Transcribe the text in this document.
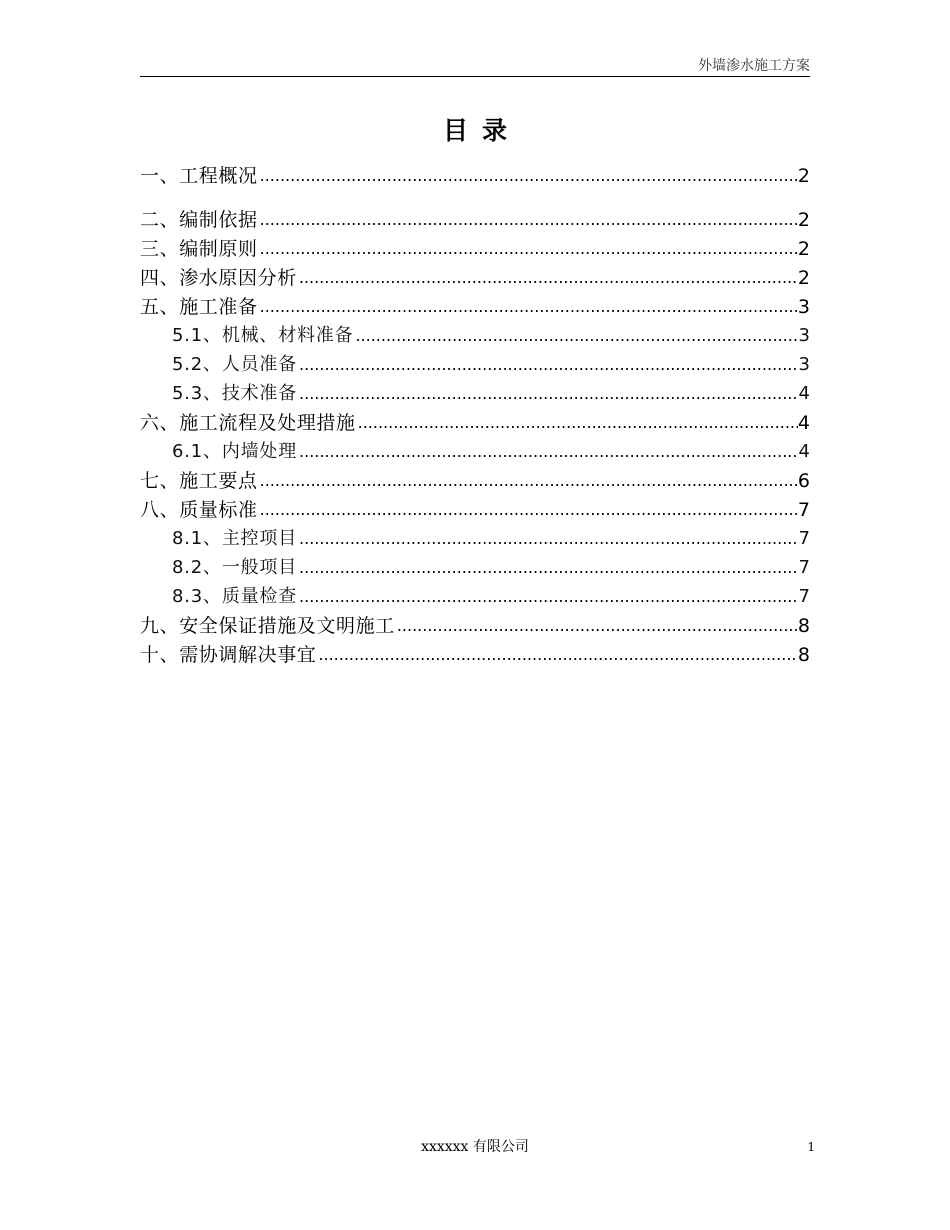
外墙渗水施工方案
目录
一、工程概况 .....	2
二、编制依据 .....	2
三、编制原则 .....	2
四、渗水原因分析 .....	2
五、施工准备 .....	3
5.1、机械、材料准备 .....	3
5.2、人员准备 .....	3
5.3、技术准备 .....	4
六、施工流程及处理措施 .....	4
6.1、内墙处理 .....	4
七、施工要点 .....	6
八、质量标准 .....	7
8.1、主控项目 .....	7
8.2、一般项目 .....	7
8.3、质量检查 .....	7
九、安全保证措施及文明施工 .....	8
十、需协调解决事宜 .....	8
xxxxxx 有限公司	1
